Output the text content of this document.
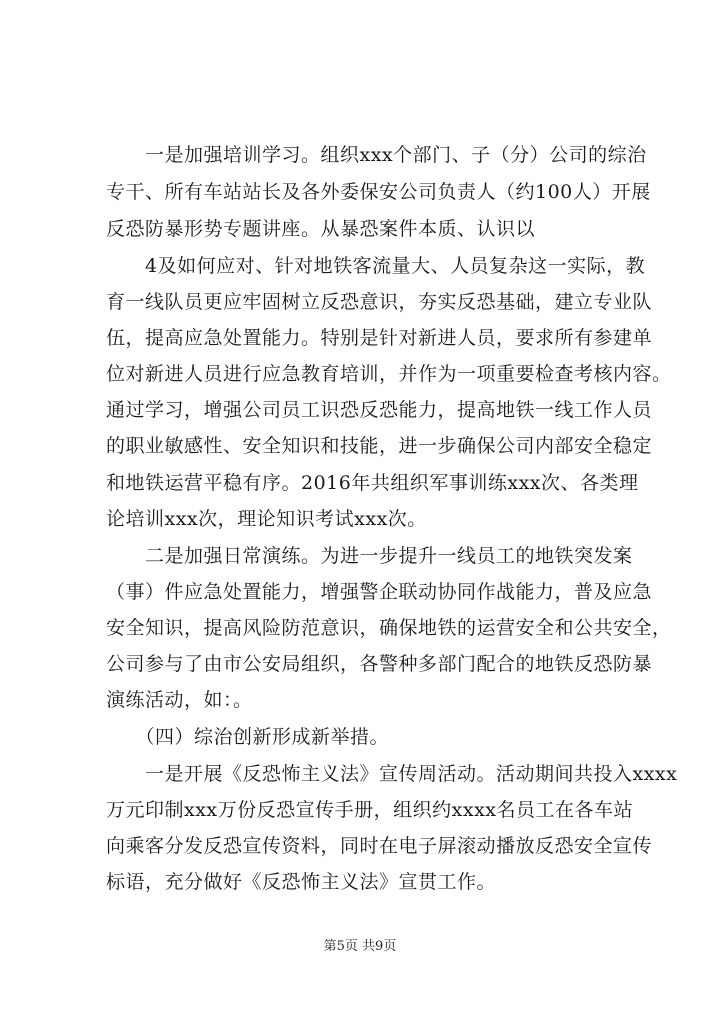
　　一是加强培训学习。组织xxx个部门、子（分）公司的综治
专干、所有车站站长及各外委保安公司负责人（约100人）开展
反恐防暴形势专题讲座。从暴恐案件本质、认识以
　　4及如何应对、针对地铁客流量大、人员复杂这一实际，教
育一线队员更应牢固树立反恐意识，夯实反恐基础，建立专业队
伍，提高应急处置能力。特别是针对新进人员，要求所有参建单
位对新进人员进行应急教育培训，并作为一项重要检查考核内容。
通过学习，增强公司员工识恐反恐能力，提高地铁一线工作人员
的职业敏感性、安全知识和技能，进一步确保公司内部安全稳定
和地铁运营平稳有序。2016年共组织军事训练xxx次、各类理
论培训xxx次，理论知识考试xxx次。
　　二是加强日常演练。为进一步提升一线员工的地铁突发案
（事）件应急处置能力，增强警企联动协同作战能力，普及应急
安全知识，提高风险防范意识，确保地铁的运营安全和公共安全，
公司参与了由市公安局组织，各警种多部门配合的地铁反恐防暴
演练活动，如：。
　　（四）综治创新形成新举措。
　　一是开展《反恐怖主义法》宣传周活动。活动期间共投入xxxx
万元印制xxx万份反恐宣传手册，组织约xxxx名员工在各车站
向乘客分发反恐宣传资料，同时在电子屏滚动播放反恐安全宣传
标语，充分做好《反恐怖主义法》宣贯工作。
第5页 共9页
